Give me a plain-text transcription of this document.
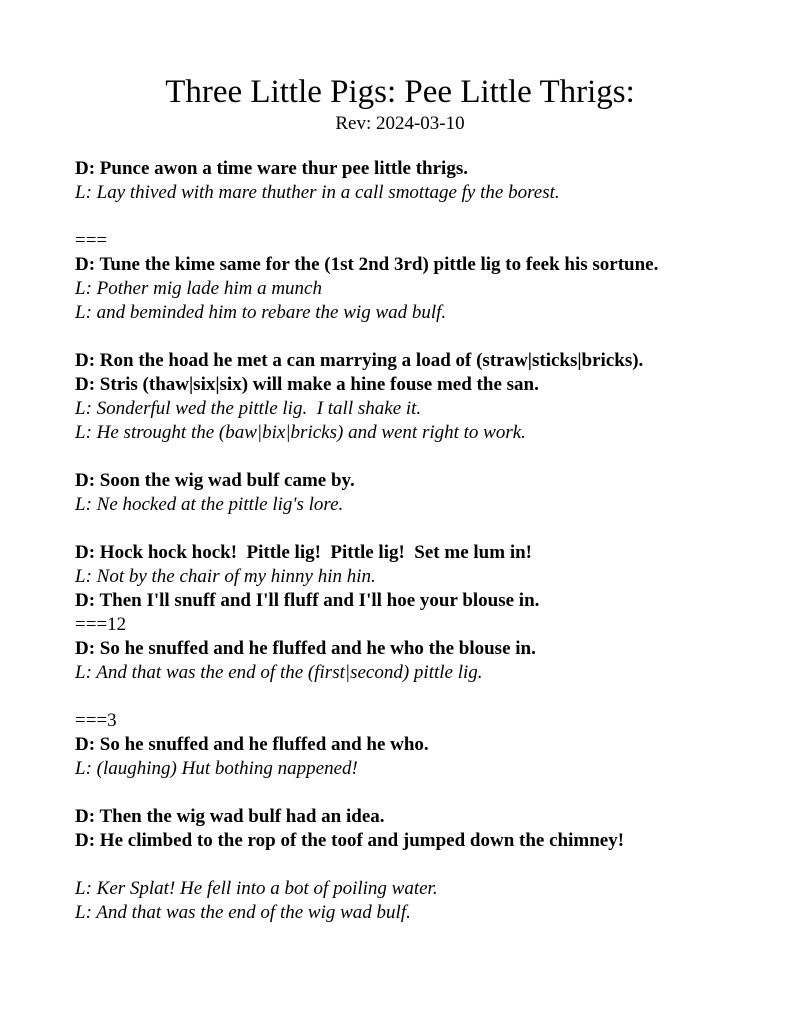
Three Little Pigs: Pee Little Thrigs:
Rev: 2024-03-10
D: Punce awon a time ware thur pee little thrigs.
L: Lay thived with mare thuther in a call smottage fy the borest.
===
D: Tune the kime same for the (1st 2nd 3rd) pittle lig to feek his sortune.
L: Pother mig lade him a munch
L: and beminded him to rebare the wig wad bulf.
D: Ron the hoad he met a can marrying a load of (straw|sticks|bricks).
D: Stris (thaw|six|six) will make a hine fouse med the san.
L: Sonderful wed the pittle lig.  I tall shake it.
L: He strought the (baw|bix|bricks) and went right to work.
D: Soon the wig wad bulf came by.
L: Ne hocked at the pittle lig's lore.
D: Hock hock hock!  Pittle lig!  Pittle lig!  Set me lum in!
L: Not by the chair of my hinny hin hin.
D: Then I'll snuff and I'll fluff and I'll hoe your blouse in.
===12
D: So he snuffed and he fluffed and he who the blouse in.
L: And that was the end of the (first|second) pittle lig.
===3
D: So he snuffed and he fluffed and he who.
L: (laughing) Hut bothing nappened!
D: Then the wig wad bulf had an idea.
D: He climbed to the rop of the toof and jumped down the chimney!
L: Ker Splat! He fell into a bot of poiling water.
L: And that was the end of the wig wad bulf.
